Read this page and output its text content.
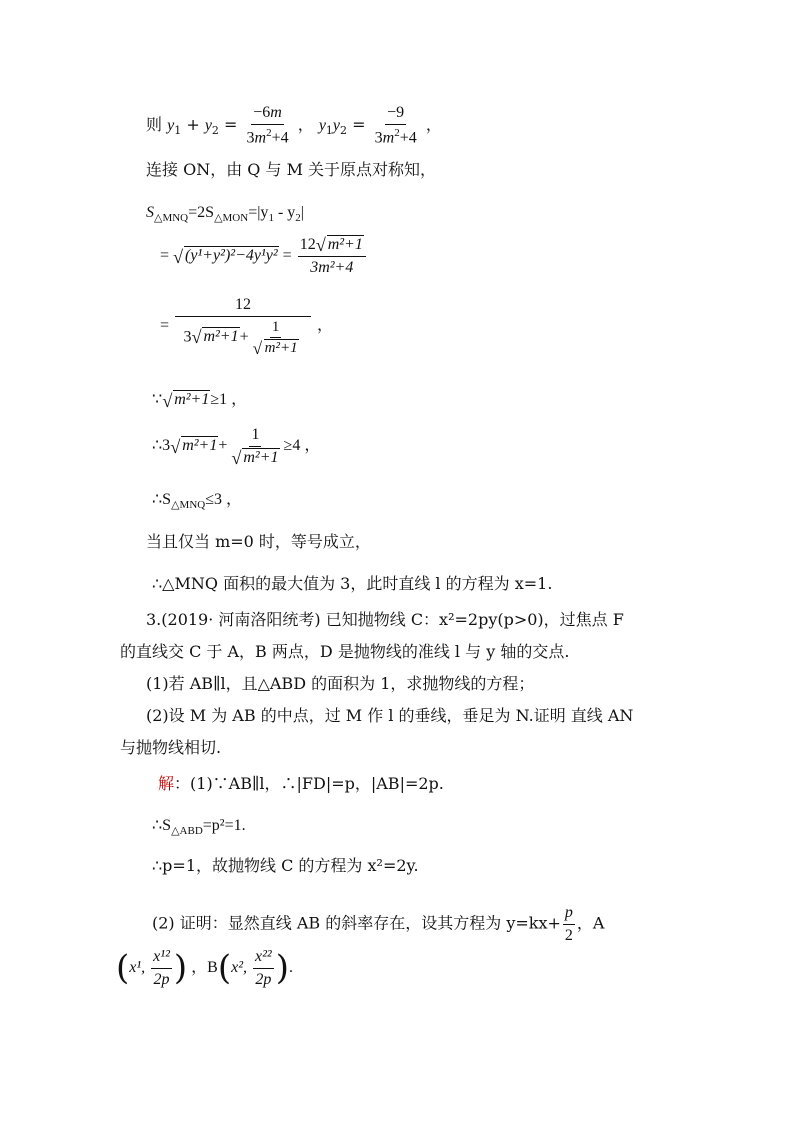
则 $y_1 + y_2 = \frac{-6m}{3m^2+4}$ ， $y_1y_2 = \frac{-9}{3m^2+4}$ ，
连接 ON，由 Q 与 M 关于原点对称知，
$S_{\triangle MNQ}=2S_{\triangle MON}=|y_1 - y_2|$
= √ $(y^1+y^2)^2-4y^1y^2 = \frac{\text{12 √ m²+1}}{\text{3m²+4}}$
= $\frac{12}{3 √ m^2+1+ \frac{1}{\text{√ m²+1}}}$ ，
∵ √ m²+1≥1 ，
∴3 √ $m^2+1+ \frac{1}{\text{√ m²+1}} \ge 4$ ，
$\therefore S_{\triangle MNQ}\le 3$ ，
当且仅当 m=0 时，等号成立，
∴△MNQ 面积的最大值为 3，此时直线 l 的方程为 x=1.
3.(2019· 河南洛阳统考) 已知抛物线 C：x²=2py(p>0)，过焦点 F
的直线交 C 于 A，B 两点，D 是抛物线的准线 l 与 y 轴的交点.
(1)若 AB∥l，且△ABD 的面积为 1，求抛物线的方程；
(2)设 M 为 AB 的中点，过 M 作 l 的垂线，垂足为 N.证明 直线 AN
与抛物线相切.
解：(1)∵AB∥l，∴|FD|=p，|AB|=2p.
$\therefore S_{\triangle ABD}=p^2=1$.
∴p=1，故抛物线 C 的方程为 x²=2y.
(2) 证明：显然直线 AB 的斜率存在，设其方程为 $y=kx+ \frac{p}{2}$ ，A
(x¹, $\frac{\text{x¹²}}{2p}$ ) ，B(x², $\frac{\text{x²²}}{2p}$ ).
